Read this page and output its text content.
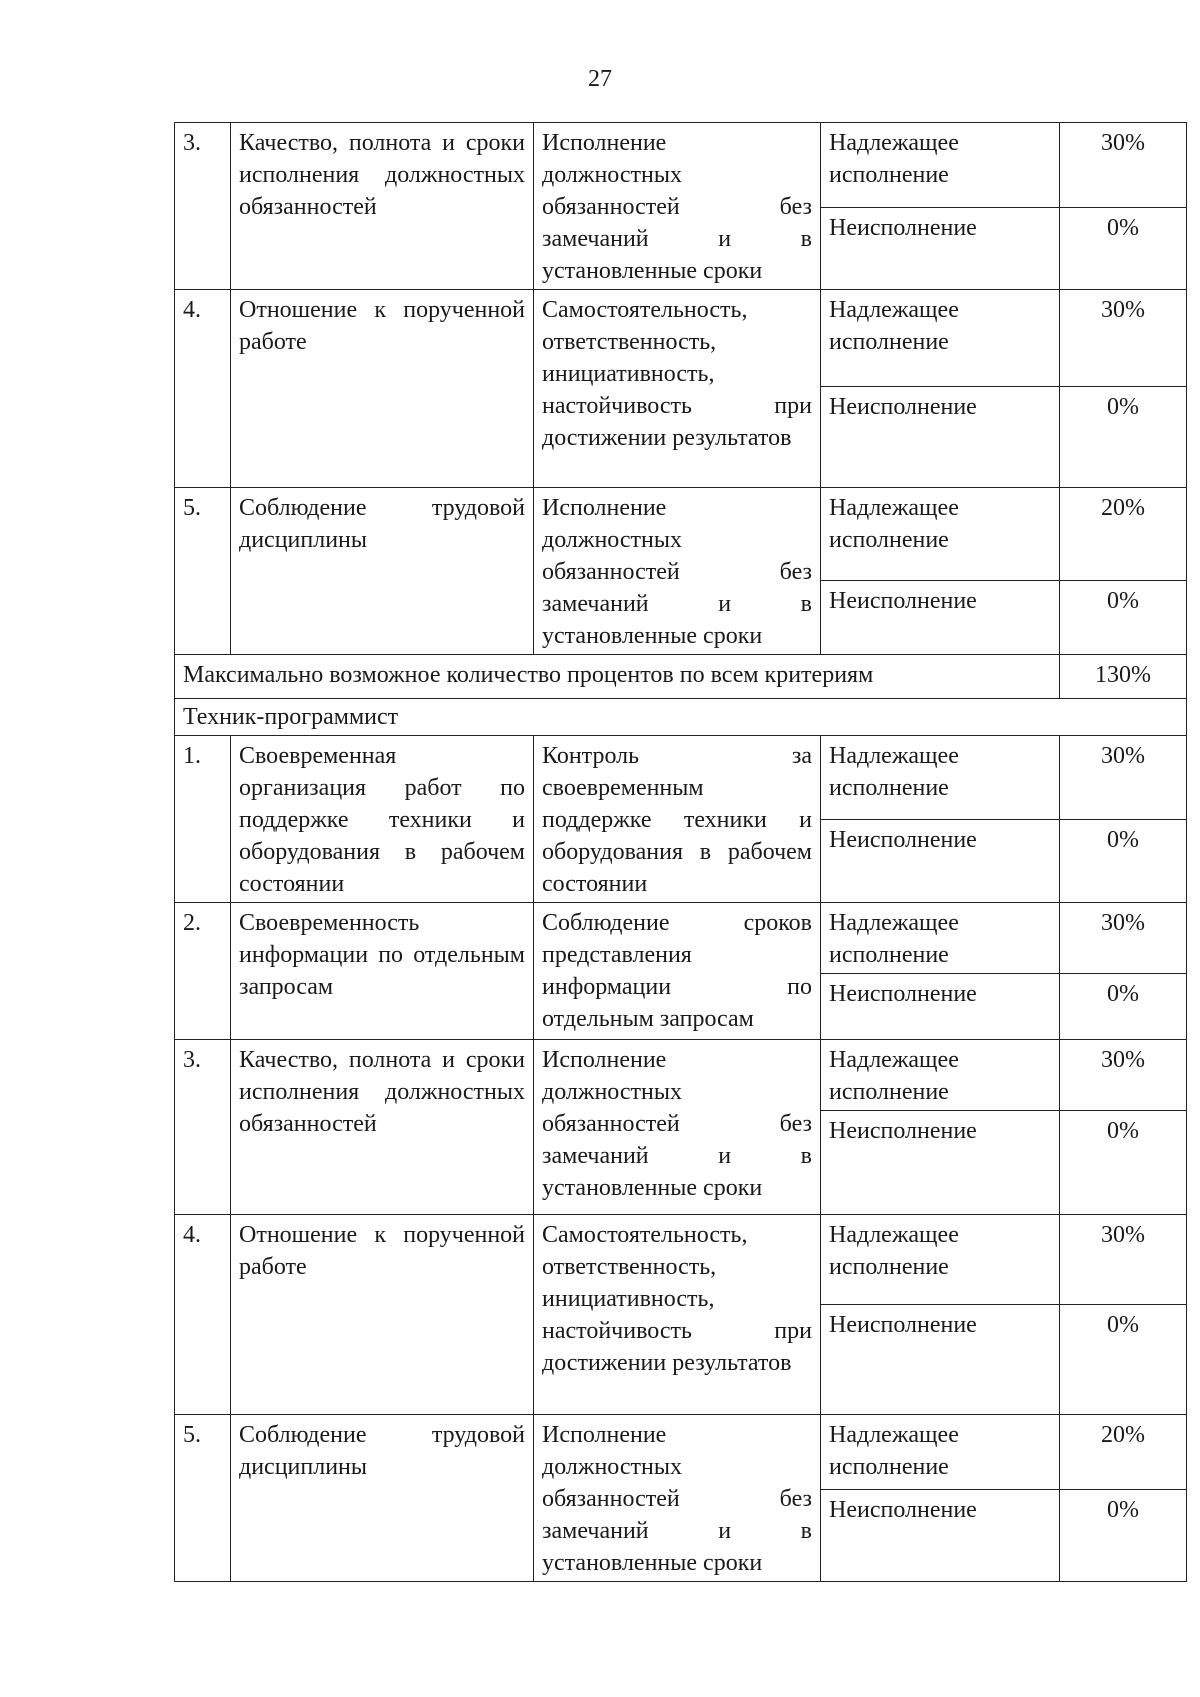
27
3.	Качество, полнота и сроки исполнения должностных обязанностей	Исполнение должностных обязанностей без замечаний и в установленные сроки	Надлежащее исполнение	30%
			Неисполнение	0%
4.	Отношение к порученной работе	Самостоятельность, ответственность, инициативность, настойчивость при достижении результатов	Надлежащее исполнение	30%
			Неисполнение	0%
5.	Соблюдение трудовой дисциплины	Исполнение должностных обязанностей без замечаний и в установленные сроки	Надлежащее исполнение	20%
			Неисполнение	0%
Максимально возможное количество процентов по всем критериям				130%
Техник-программист				
1.	Своевременная организация работ по поддержке техники и оборудования в рабочем состоянии	Контроль за своевременным поддержке техники и оборудования в рабочем состоянии	Надлежащее исполнение	30%
			Неисполнение	0%
2.	Своевременность информации по отдельным запросам	Соблюдение сроков представления информации по отдельным запросам	Надлежащее исполнение	30%
			Неисполнение	0%
3.	Качество, полнота и сроки исполнения должностных обязанностей	Исполнение должностных обязанностей без замечаний и в установленные сроки	Надлежащее исполнение	30%
			Неисполнение	0%
4.	Отношение к порученной работе	Самостоятельность, ответственность, инициативность, настойчивость при достижении результатов	Надлежащее исполнение	30%
			Неисполнение	0%
5.	Соблюдение трудовой дисциплины	Исполнение должностных обязанностей без замечаний и в установленные сроки	Надлежащее исполнение	20%
			Неисполнение	0%
